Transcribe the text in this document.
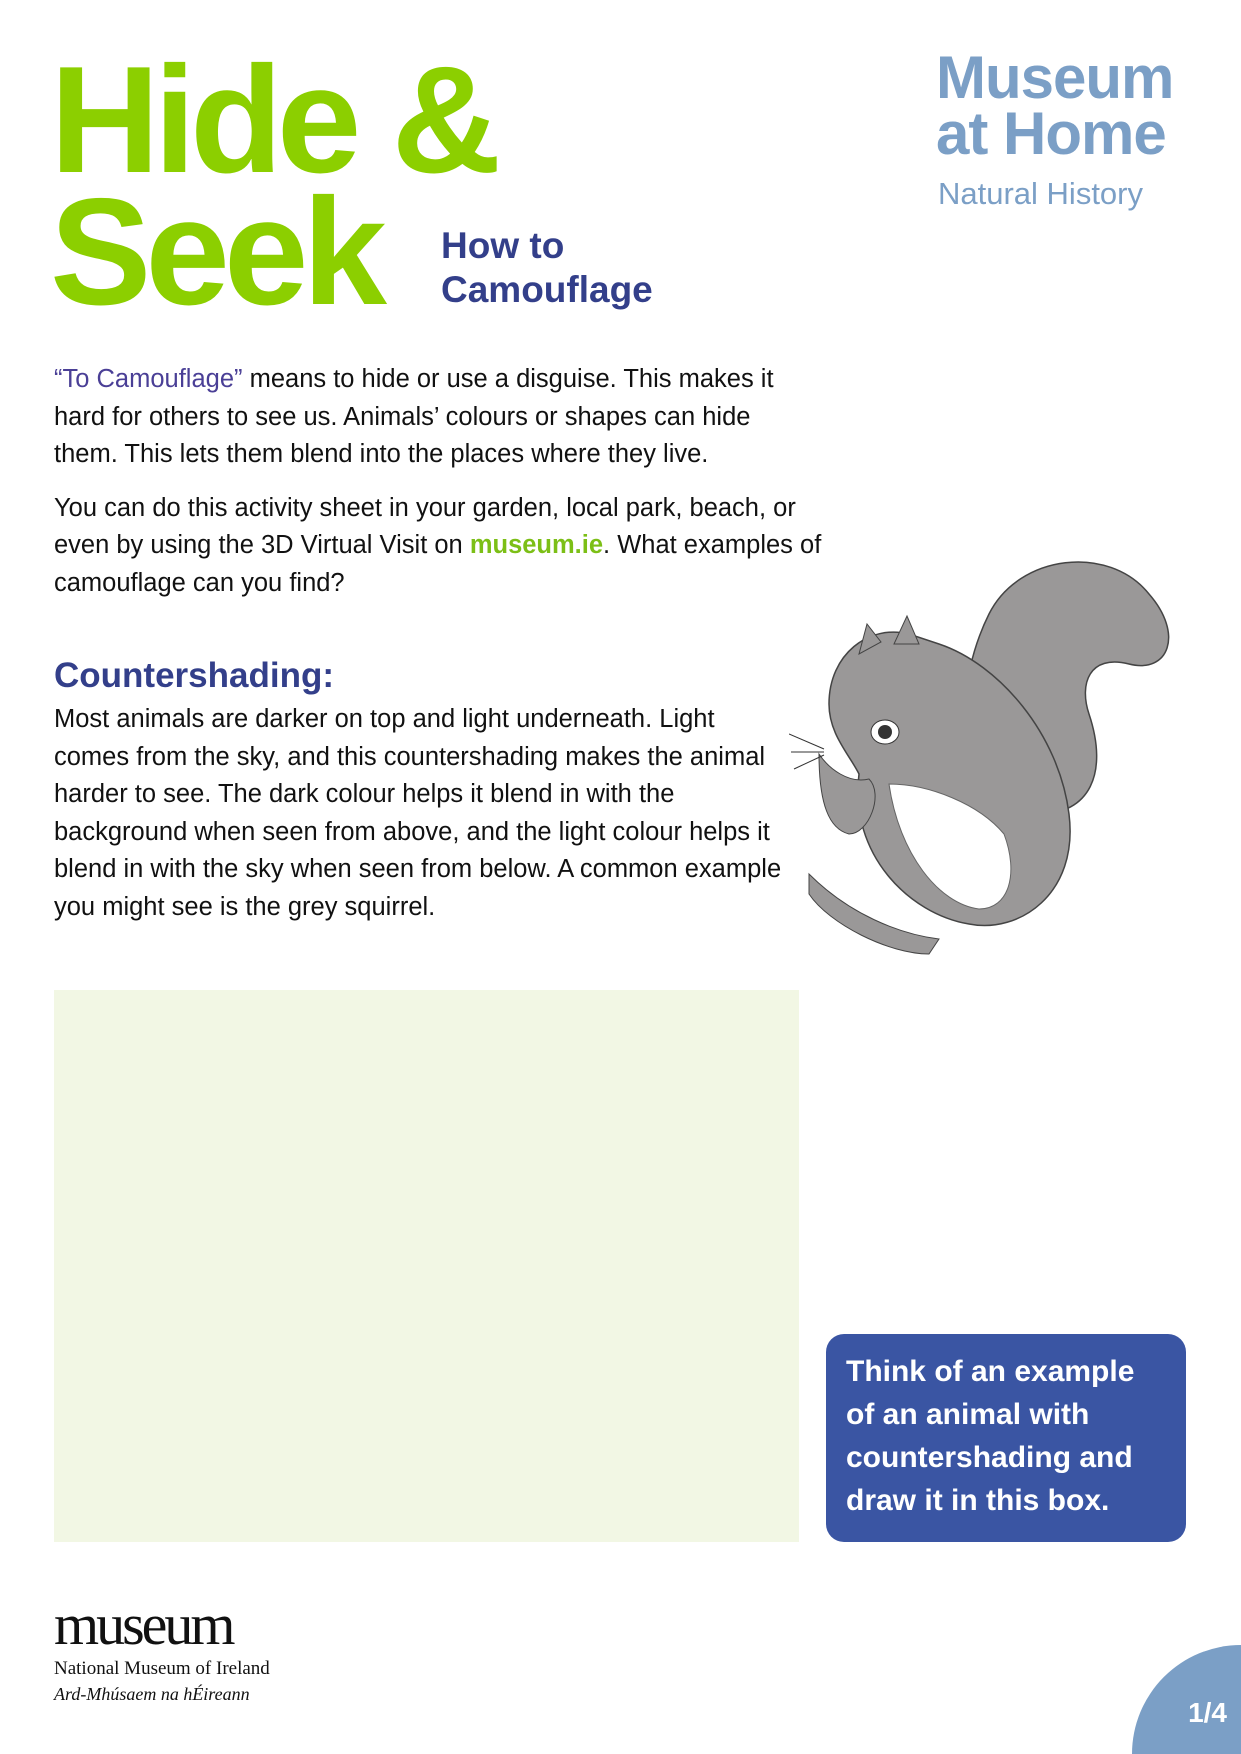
Hide &
Seek How to
Camouflage
Museum
at Home
Natural History

“To Camouflage” means to hide or use a disguise. This makes it hard for others to see us. Animals’ colours or shapes can hide them. This lets them blend into the places where they live.

You can do this activity sheet in your garden, local park, beach, or even by using the 3D Virtual Visit on museum.ie. What examples of camouflage can you find?

Countershading:
Most animals are darker on top and light underneath. Light comes from the sky, and this countershading makes the animal harder to see. The dark colour helps it blend in with the background when seen from above, and the light colour helps it blend in with the sky when seen from below. A common example you might see is the grey squirrel.
Think of an example of an animal with countershading and draw it in this box.
museum
National Museum of Ireland
Ard-Mhúsaem na hÉireann
1/4
